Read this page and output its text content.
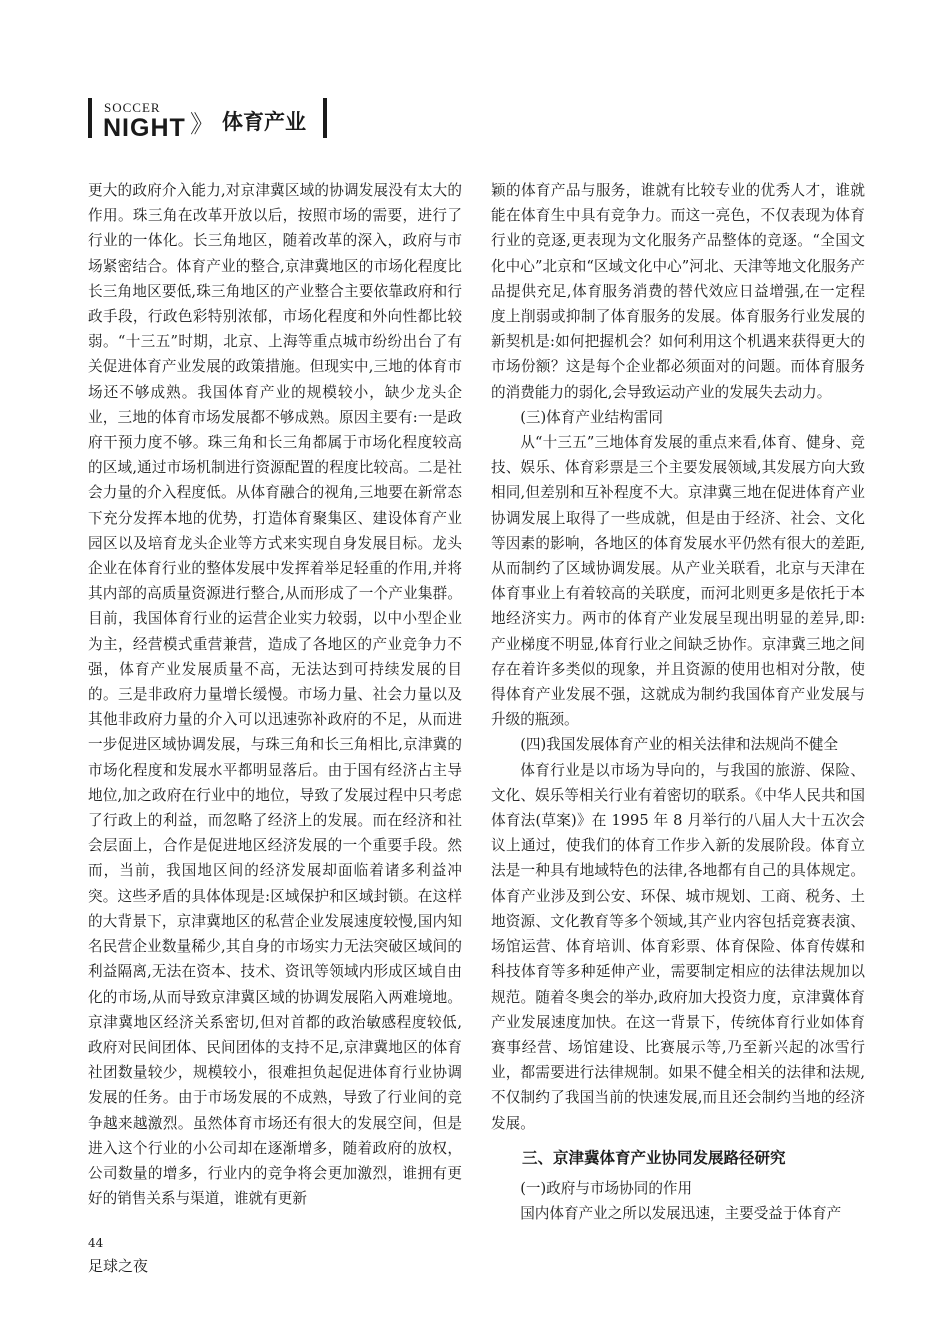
SOCCER
NIGHT 》 体育产业

更大的政府介入能力,对京津冀区域的协调发展没有太大的作用。珠三角在改革开放以后，按照市场的需要，进行了行业的一体化。长三角地区，随着改革的深入，政府与市场紧密结合。体育产业的整合,京津冀地区的市场化程度比长三角地区要低,珠三角地区的产业整合主要依靠政府和行政手段，行政色彩特别浓郁，市场化程度和外向性都比较弱。“十三五”时期，北京、上海等重点城市纷纷出台了有关促进体育产业发展的政策措施。但现实中,三地的体育市场还不够成熟。我国体育产业的规模较小，缺少龙头企业，三地的体育市场发展都不够成熟。原因主要有:一是政府干预力度不够。珠三角和长三角都属于市场化程度较高的区域,通过市场机制进行资源配置的程度比较高。二是社会力量的介入程度低。从体育融合的视角,三地要在新常态下充分发挥本地的优势，打造体育聚集区、建设体育产业园区以及培育龙头企业等方式来实现自身发展目标。龙头企业在体育行业的整体发展中发挥着举足轻重的作用,并将其内部的高质量资源进行整合,从而形成了一个产业集群。目前，我国体育行业的运营企业实力较弱，以中小型企业为主，经营模式重营兼营，造成了各地区的产业竞争力不强，体育产业发展质量不高，无法达到可持续发展的目的。三是非政府力量增长缓慢。市场力量、社会力量以及其他非政府力量的介入可以迅速弥补政府的不足，从而进一步促进区域协调发展，与珠三角和长三角相比,京津冀的市场化程度和发展水平都明显落后。由于国有经济占主导地位,加之政府在行业中的地位，导致了发展过程中只考虑了行政上的利益，而忽略了经济上的发展。而在经济和社会层面上，合作是促进地区经济发展的一个重要手段。然而，当前，我国地区间的经济发展却面临着诸多利益冲突。这些矛盾的具体体现是:区域保护和区域封锁。在这样的大背景下，京津冀地区的私营企业发展速度较慢,国内知名民营企业数量稀少,其自身的市场实力无法突破区域间的利益隔离,无法在资本、技术、资讯等领域内形成区域自由化的市场,从而导致京津冀区域的协调发展陷入两难境地。京津冀地区经济关系密切,但对首都的政治敏感程度较低,政府对民间团体、民间团体的支持不足,京津冀地区的体育社团数量较少，规模较小，很难担负起促进体育行业协调发展的任务。由于市场发展的不成熟，导致了行业间的竞争越来越激烈。虽然体育市场还有很大的发展空间，但是进入这个行业的小公司却在逐渐增多，随着政府的放权，公司数量的增多，行业内的竞争将会更加激烈，谁拥有更好的销售关系与渠道，谁就有更新

颖的体育产品与服务，谁就有比较专业的优秀人才，谁就能在体育生中具有竞争力。而这一亮色，不仅表现为体育行业的竞逐,更表现为文化服务产品整体的竞逐。“全国文化中心”北京和“区域文化中心”河北、天津等地文化服务产品提供充足,体育服务消费的替代效应日益增强,在一定程度上削弱或抑制了体育服务的发展。体育服务行业发展的新契机是:如何把握机会？如何利用这个机遇来获得更大的市场份额？这是每个企业都必须面对的问题。而体育服务的消费能力的弱化,会导致运动产业的发展失去动力。

(三)体育产业结构雷同

从“十三五”三地体育发展的重点来看,体育、健身、竞技、娱乐、体育彩票是三个主要发展领域,其发展方向大致相同,但差别和互补程度不大。京津冀三地在促进体育产业协调发展上取得了一些成就，但是由于经济、社会、文化等因素的影响，各地区的体育发展水平仍然有很大的差距,从而制约了区域协调发展。从产业关联看，北京与天津在体育事业上有着较高的关联度，而河北则更多是依托于本地经济实力。两市的体育产业发展呈现出明显的差异,即:产业梯度不明显,体育行业之间缺乏协作。京津冀三地之间存在着许多类似的现象，并且资源的使用也相对分散，使得体育产业发展不强，这就成为制约我国体育产业发展与升级的瓶颈。

(四)我国发展体育产业的相关法律和法规尚不健全

体育行业是以市场为导向的，与我国的旅游、保险、文化、娱乐等相关行业有着密切的联系。《中华人民共和国体育法(草案)》在 1995 年 8 月举行的八届人大十五次会议上通过，使我们的体育工作步入新的发展阶段。体育立法是一种具有地域特色的法律,各地都有自己的具体规定。体育产业涉及到公安、环保、城市规划、工商、税务、土地资源、文化教育等多个领域,其产业内容包括竞赛表演、场馆运营、体育培训、体育彩票、体育保险、体育传媒和科技体育等多种延伸产业，需要制定相应的法律法规加以规范。随着冬奥会的举办,政府加大投资力度，京津冀体育产业发展速度加快。在这一背景下，传统体育行业如体育赛事经营、场馆建设、比赛展示等,乃至新兴起的冰雪行业，都需要进行法律规制。如果不健全相关的法律和法规,不仅制约了我国当前的快速发展,而且还会制约当地的经济发展。

三、京津冀体育产业协同发展路径研究

(一)政府与市场协同的作用

国内体育产业之所以发展迅速，主要受益于体育产

44
足球之夜
